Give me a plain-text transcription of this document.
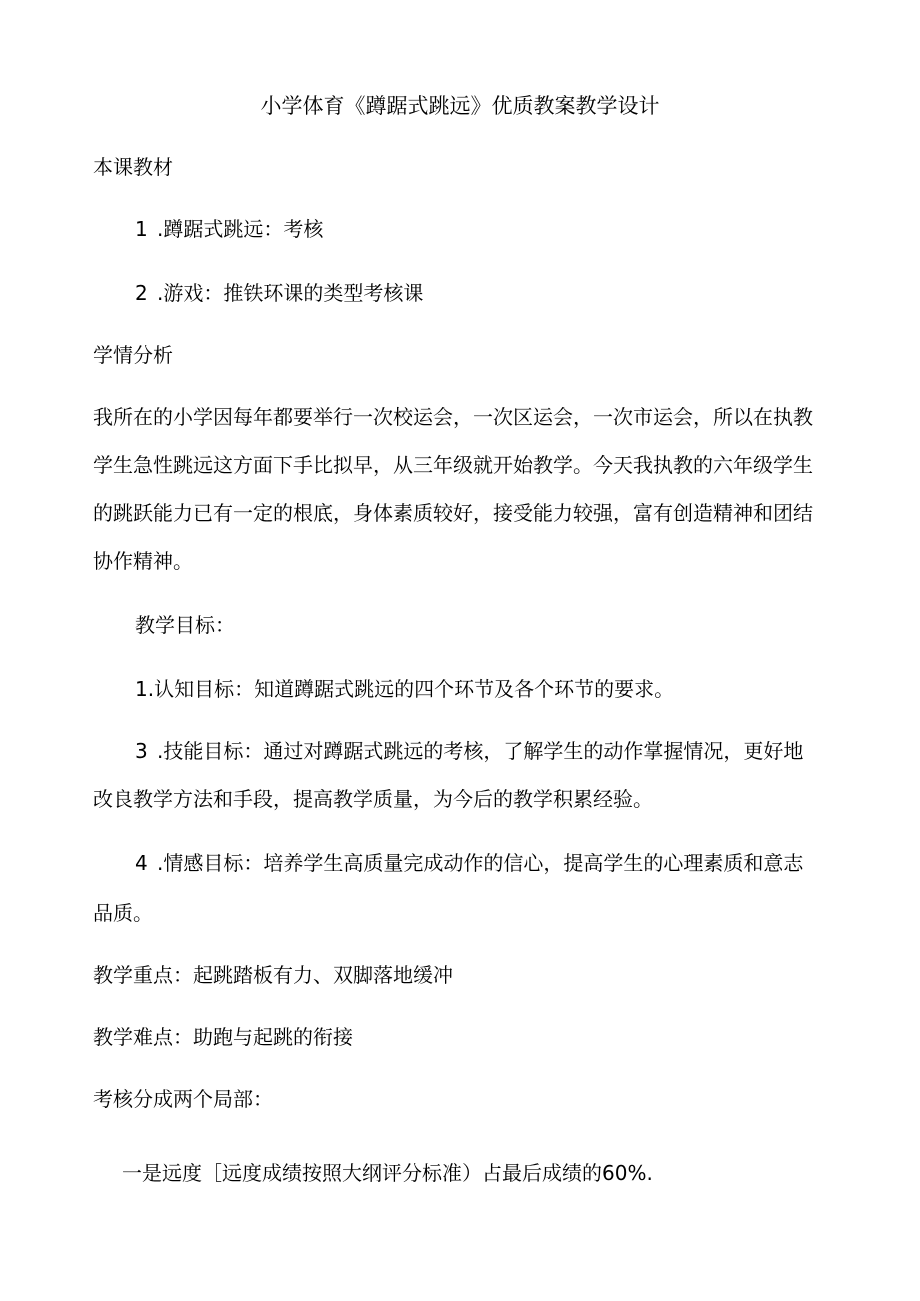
小学体育《蹲踞式跳远》优质教案教学设计

本课教材

1 .蹲踞式跳远：考核

2 .游戏：推铁环课的类型考核课

学情分析

我所在的小学因每年都要举行一次校运会，一次区运会，一次市运会，所以在执教

学生急性跳远这方面下手比拟早，从三年级就开始教学。今天我执教的六年级学生

的跳跃能力已有一定的根底，身体素质较好，接受能力较强，富有创造精神和团结

协作精神。

教学目标：

1.认知目标：知道蹲踞式跳远的四个环节及各个环节的要求。

3 .技能目标：通过对蹲踞式跳远的考核，了解学生的动作掌握情况，更好地

改良教学方法和手段，提高教学质量，为今后的教学积累经验。

4 .情感目标：培养学生高质量完成动作的信心，提高学生的心理素质和意志

品质。

教学重点：起跳踏板有力、双脚落地缓冲

教学难点：助跑与起跳的衔接

考核分成两个局部：

一是远度［远度成绩按照大纲评分标准）占最后成绩的60%.
